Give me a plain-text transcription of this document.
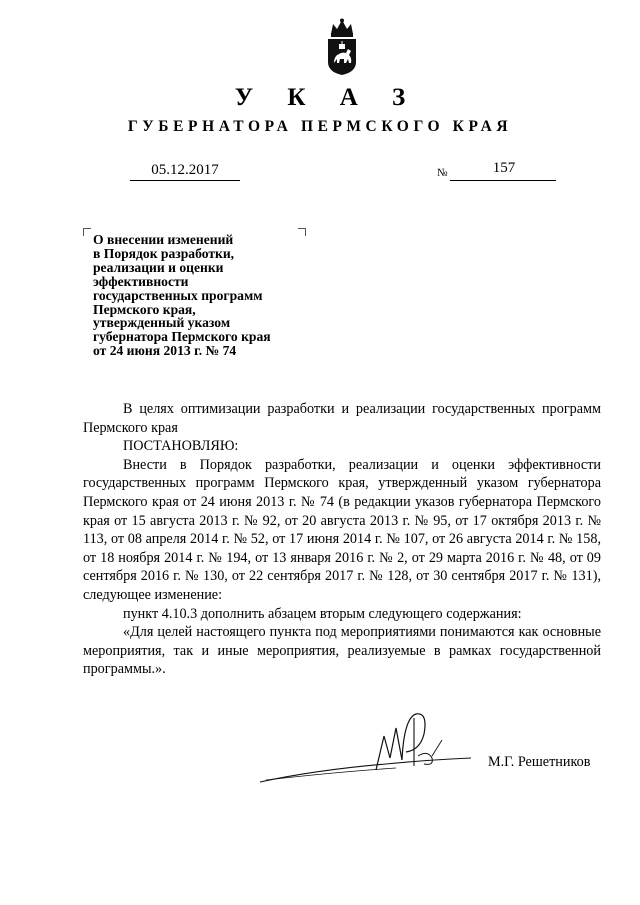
У К А З
ГУБЕРНАТОРА ПЕРМСКОГО КРАЯ
05.12.2017	№	157
О внесении изменений
в Порядок разработки,
реализации и оценки
эффективности
государственных программ
Пермского края,
утвержденный указом
губернатора Пермского края
от 24 июня 2013 г. № 74

В целях оптимизации разработки и реализации государственных программ Пермского края

ПОСТАНОВЛЯЮ:

Внести в Порядок разработки, реализации и оценки эффективности государственных программ Пермского края, утвержденный указом губернатора Пермского края от 24 июня 2013 г. № 74 (в редакции указов губернатора Пермского края от 15 августа 2013 г. № 92, от 20 августа 2013 г. № 95, от 17 октября 2013 г. № 113, от 08 апреля 2014 г. № 52, от 17 июня 2014 г. № 107, от 26 августа 2014 г. № 158, от 18 ноября 2014 г. № 194, от 13 января 2016 г. № 2, от 29 марта 2016 г. № 48, от 09 сентября 2016 г. № 130, от 22 сентября 2017 г. № 128, от 30 сентября 2017 г. № 131), следующее изменение:

пункт 4.10.3 дополнить абзацем вторым следующего содержания:

«Для целей настоящего пункта под мероприятиями понимаются как основные мероприятия, так и иные мероприятия, реализуемые в рамках государственной программы.».

М.Г. Решетников
